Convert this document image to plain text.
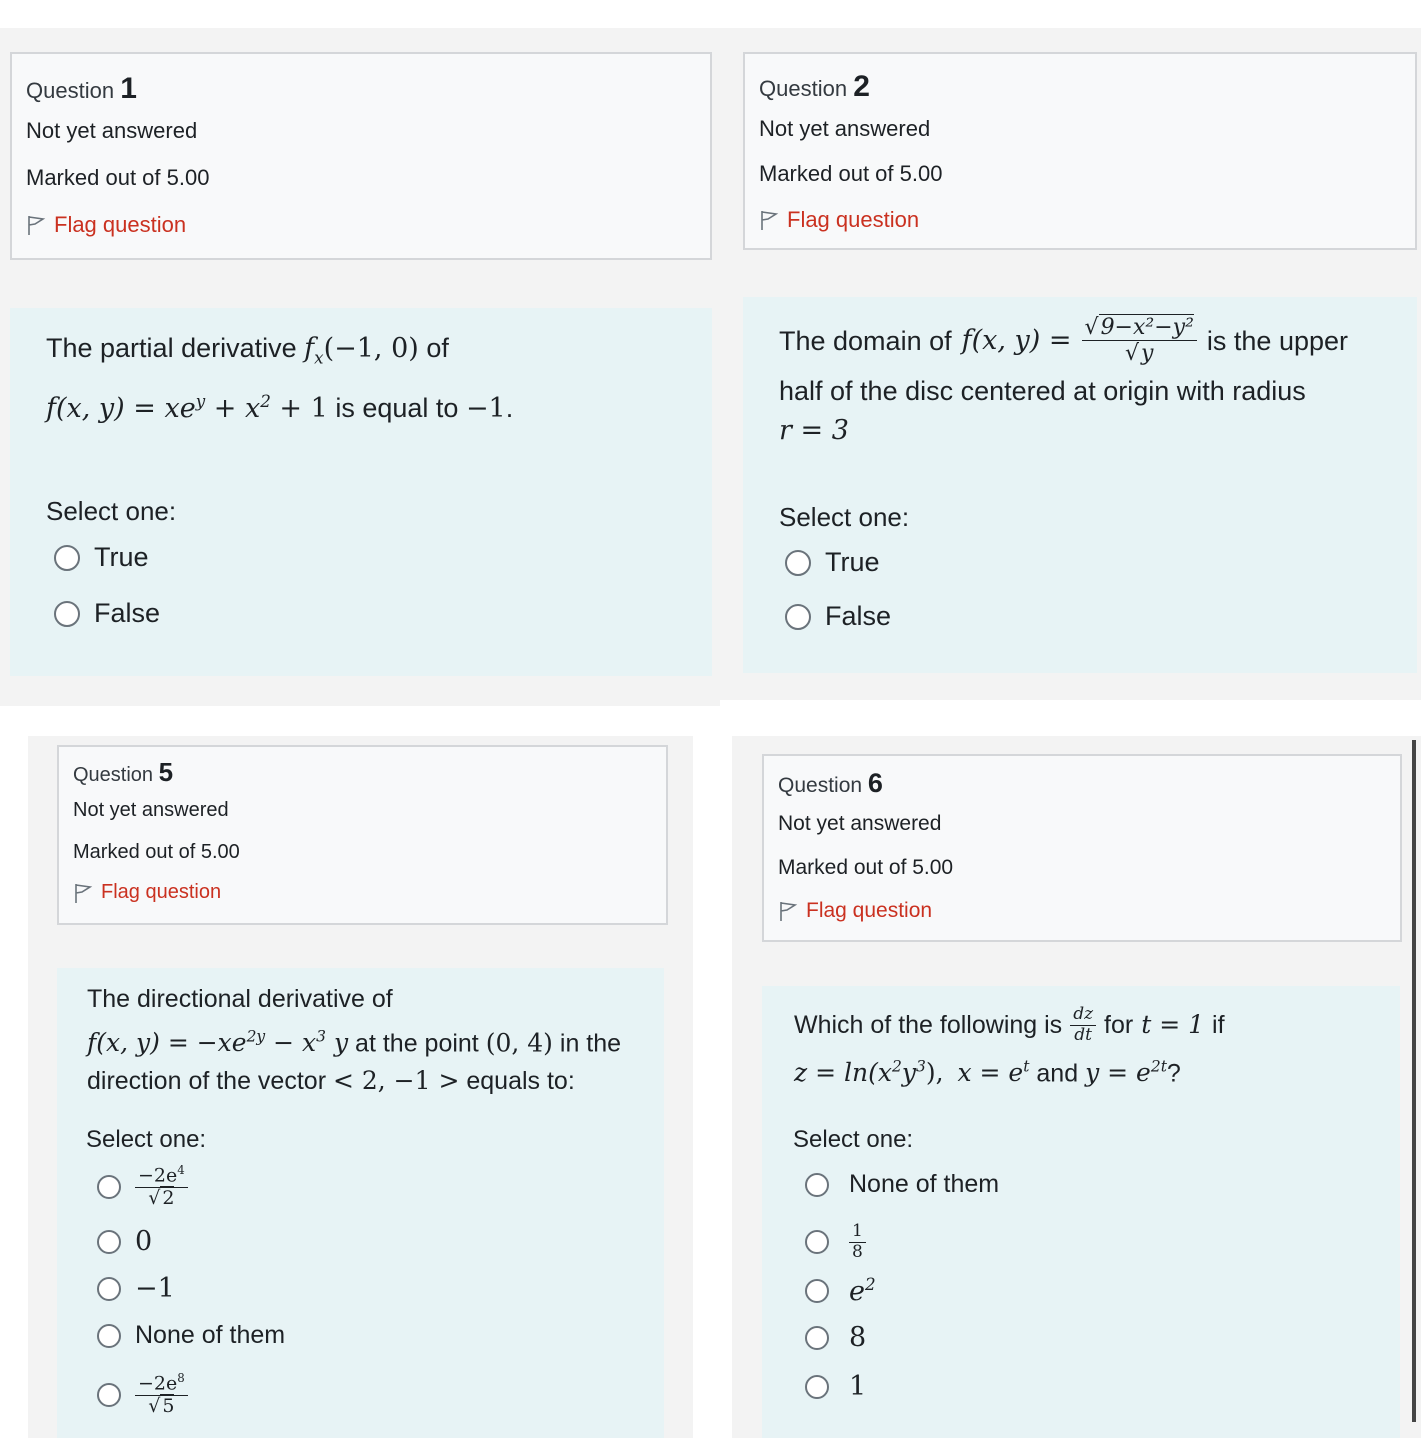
Question 1
Not yet answered
Marked out of 5.00
Flag question
The partial derivative $f_x(-1$, 0) of
f(x, $y) = xe^y + x^2 + 1$ is equal to −1.
Select one:
True
False
Question 2
Not yet answered
Marked out of 5.00
Flag question
The domain of f(x, $y) = \frac{\text{√9−x²−y²}}{√y}$ is the upper
half of the disc centered at origin with radius
r = 3
Select one:
True
False
Question 5
Not yet answered
Marked out of 5.00
Flag question
The directional derivative of
f(x, $y) = -xe^{2y} - x^3$ y at the point (0, 4) in the
direction of the vector < 2, −1 > equals to:
Select one:
$\frac{-2e^4}{√ 2}$
0
−1
None of them
$\frac{-2e^8}{√ 5}$
Question 6
Not yet answered
Marked out of 5.00
Flag question
Which of the following is $\frac{dz}{dt}$ for t = 1 if
$z = \ln(x^2y^3)$, $x = e^t$ and $y = e^{2t}$?
Select one:
None of them
$\frac{1}{8}$
$e^2$
8
1
